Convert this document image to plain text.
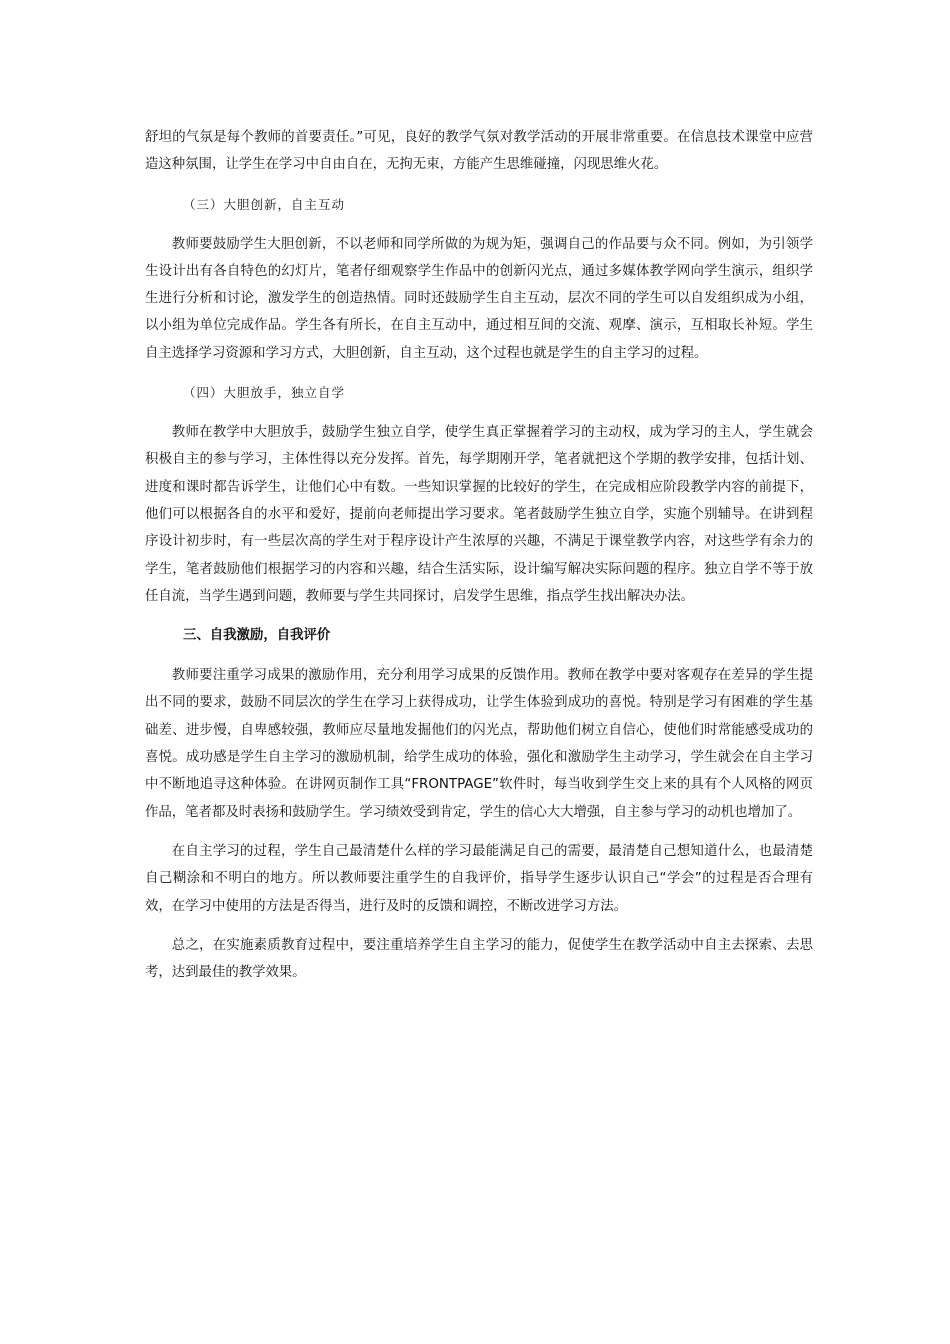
舒坦的气氛是每个教师的首要责任。”可见，良好的教学气氛对教学活动的开展非常重要。在信息技术课堂中应营造这种氛围，让学生在学习中自由自在，无拘无束，方能产生思维碰撞，闪现思维火花。

（三）大胆创新，自主互动

教师要鼓励学生大胆创新，不以老师和同学所做的为规为矩，强调自己的作品要与众不同。例如，为引领学生设计出有各自特色的幻灯片，笔者仔细观察学生作品中的创新闪光点，通过多媒体教学网向学生演示，组织学生进行分析和讨论，激发学生的创造热情。同时还鼓励学生自主互动，层次不同的学生可以自发组织成为小组，以小组为单位完成作品。学生各有所长，在自主互动中，通过相互间的交流、观摩、演示，互相取长补短。学生自主选择学习资源和学习方式，大胆创新，自主互动，这个过程也就是学生的自主学习的过程。

（四）大胆放手，独立自学

教师在教学中大胆放手，鼓励学生独立自学，使学生真正掌握着学习的主动权，成为学习的主人，学生就会积极自主的参与学习，主体性得以充分发挥。首先，每学期刚开学，笔者就把这个学期的教学安排，包括计划、进度和课时都告诉学生，让他们心中有数。一些知识掌握的比较好的学生，在完成相应阶段教学内容的前提下，他们可以根据各自的水平和爱好，提前向老师提出学习要求。笔者鼓励学生独立自学，实施个别辅导。在讲到程序设计初步时，有一些层次高的学生对于程序设计产生浓厚的兴趣，不满足于课堂教学内容，对这些学有余力的学生，笔者鼓励他们根据学习的内容和兴趣，结合生活实际，设计编写解决实际问题的程序。独立自学不等于放任自流，当学生遇到问题，教师要与学生共同探讨，启发学生思维，指点学生找出解决办法。

三、自我激励，自我评价

教师要注重学习成果的激励作用，充分利用学习成果的反馈作用。教师在教学中要对客观存在差异的学生提出不同的要求，鼓励不同层次的学生在学习上获得成功，让学生体验到成功的喜悦。特别是学习有困难的学生基础差、进步慢，自卑感较强，教师应尽量地发掘他们的闪光点，帮助他们树立自信心，使他们时常能感受成功的喜悦。成功感是学生自主学习的激励机制，给学生成功的体验，强化和激励学生主动学习，学生就会在自主学习中不断地追寻这种体验。在讲网页制作工具“FRONTPAGE”软件时，每当收到学生交上来的具有个人风格的网页作品，笔者都及时表扬和鼓励学生。学习绩效受到肯定，学生的信心大大增强，自主参与学习的动机也增加了。

在自主学习的过程，学生自己最清楚什么样的学习最能满足自己的需要，最清楚自己想知道什么，也最清楚自己糊涂和不明白的地方。所以教师要注重学生的自我评价，指导学生逐步认识自己“学会”的过程是否合理有效，在学习中使用的方法是否得当，进行及时的反馈和调控，不断改进学习方法。

总之，在实施素质教育过程中，要注重培养学生自主学习的能力，促使学生在教学活动中自主去探索、去思考，达到最佳的教学效果。
